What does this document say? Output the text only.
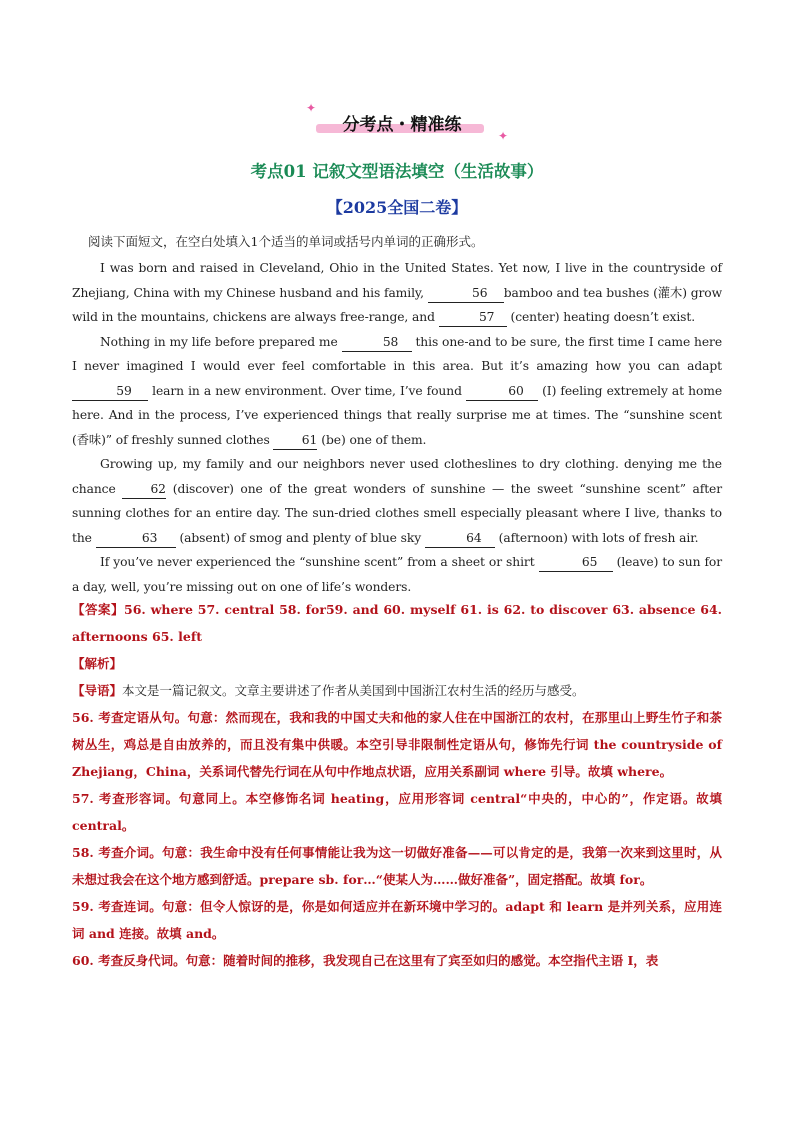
✦
✦
分考点・精准练
考点01 记叙文型语法填空（生活故事）
【2025全国二卷】
阅读下面短文，在空白处填入1个适当的单词或括号内单词的正确形式。

I was born and raised in Cleveland, Ohio in the United States. Yet now, I live in the countryside of Zhejiang, China with my Chinese husband and his family,	56 bamboo and tea bushes (灌木) grow wild in the mountains, chickens are always free-range, and	57 (center) heating doesn’t exist.

Nothing in my life before prepared me	58 this one-and to be sure, the first time I came here I never imagined I would ever feel comfortable in this area. But it’s amazing how you can adapt 59 learn in a new environment. Over time, I’ve found	60 (I) feeling extremely at home here. And in the process, I’ve experienced things that really surprise me at times. The “sunshine scent (香味)” of freshly sunned clothes 61 (be) one of them.

Growing up, my family and our neighbors never used clotheslines to dry clothing. denying me the chance 62 (discover) one of the great wonders of sunshine — the sweet “sunshine scent” after sunning clothes for an entire day. The sun-dried clothes smell especially pleasant where I live, thanks to the	63 (absent) of smog and plenty of blue sky	64 (afternoon) with lots of fresh air.

If you’ve never experienced the “sunshine scent” from a sheet or shirt	65 (leave) to sun for a day, well, you’re missing out on one of life’s wonders.

【答案】56. where 57. central 58. for59. and 60. myself 61. is 62. to discover 63. absence 64. afternoons 65. left

【解析】

【导语】本文是一篇记叙文。文章主要讲述了作者从美国到中国浙江农村生活的经历与感受。

56. 考查定语从句。句意：然而现在，我和我的中国丈夫和他的家人住在中国浙江的农村，在那里山上野生竹子和茶树丛生，鸡总是自由放养的，而且没有集中供暖。本空引导非限制性定语从句，修饰先行词 the countryside of Zhejiang，China，关系词代替先行词在从句中作地点状语，应用关系副词 where 引导。故填 where。

57. 考查形容词。句意同上。本空修饰名词 heating，应用形容词 central“中央的，中心的”，作定语。故填 central。

58. 考查介词。句意：我生命中没有任何事情能让我为这一切做好准备——可以肯定的是，我第一次来到这里时，从未想过我会在这个地方感到舒适。prepare sb. for…“使某人为……做好准备”，固定搭配。故填 for。

59. 考查连词。句意：但令人惊讶的是，你是如何适应并在新环境中学习的。adapt 和 learn 是并列关系，应用连词 and 连接。故填 and。

60. 考查反身代词。句意：随着时间的推移，我发现自己在这里有了宾至如归的感觉。本空指代主语 I，表
